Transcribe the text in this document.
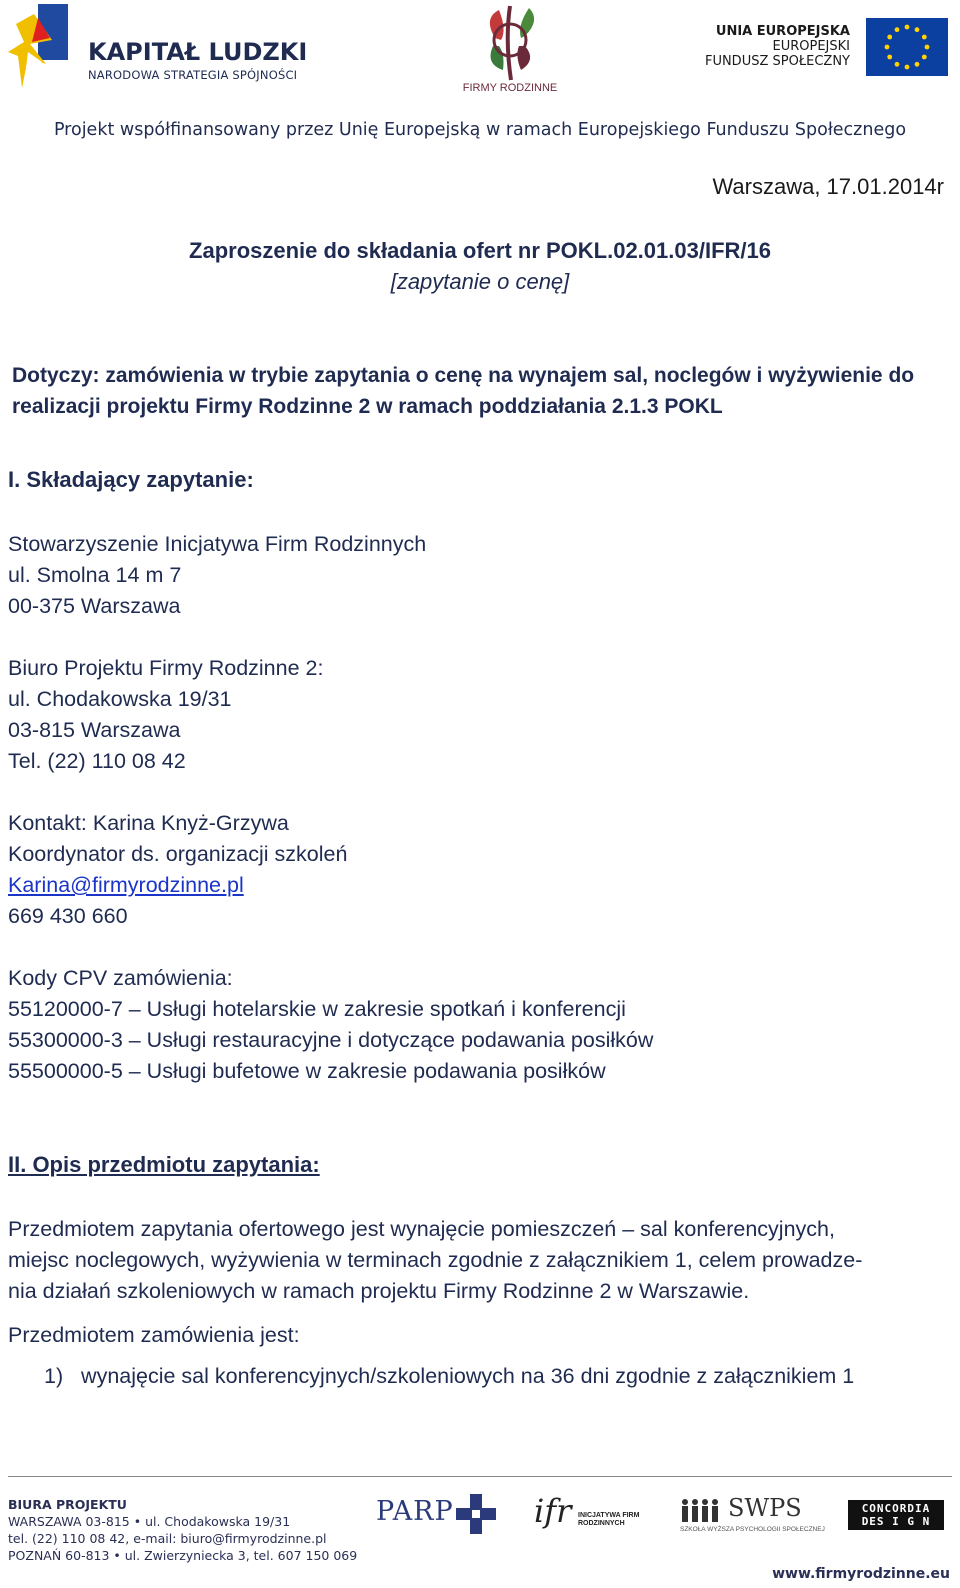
KAPITAŁ LUDZKI
NARODOWA STRATEGIA SPÓJNOŚCI
FIRMY RODZINNE
UNIA EUROPEJSKA
EUROPEJSKI
FUNDUSZ SPOŁECZNY
Projekt współfinansowany przez Unię Europejską w ramach Europejskiego Funduszu Społecznego
Warszawa, 17.01.2014r
Zaproszenie do składania ofert nr POKL.02.01.03/IFR/16
[zapytanie o cenę]
Dotyczy: zamówienia w trybie zapytania o cenę na wynajem sal, noclegów i wyżywienie do realizacji projektu Firmy Rodzinne 2 w ramach poddziałania 2.1.3 POKL
I. Składający zapytanie:
Stowarzyszenie Inicjatywa Firm Rodzinnych
ul. Smolna 14 m 7
00-375 Warszawa
Biuro Projektu Firmy Rodzinne 2:
ul. Chodakowska 19/31
03-815 Warszawa
Tel. (22) 110 08 42
Kontakt: Karina Knyż-Grzywa
Koordynator ds. organizacji szkoleń
Karina@firmyrodzinne.pl
669 430 660
Kody CPV zamówienia:
55120000-7 – Usługi hotelarskie w zakresie spotkań i konferencji
55300000-3 – Usługi restauracyjne i dotyczące podawania posiłków
55500000-5 – Usługi bufetowe w zakresie podawania posiłków
II. Opis przedmiotu zapytania:
Przedmiotem zapytania ofertowego jest wynajęcie pomieszczeń – sal konferencyjnych,
miejsc noclegowych, wyżywienia w terminach zgodnie z załącznikiem 1, celem prowadze-
nia działań szkoleniowych w ramach projektu Firmy Rodzinne 2 w Warszawie.
Przedmiotem zamówienia jest:
1)   wynajęcie sal konferencyjnych/szkoleniowych na 36 dni zgodnie z załącznikiem 1
BIURA PROJEKTU
WARSZAWA 03-815 • ul. Chodakowska 19/31
tel. (22) 110 08 42, e-mail: biuro@firmyrodzinne.pl
POZNAŃ 60-813 • ul. Zwierzyniecka 3, tel. 607 150 069
PARP	ifr INICJATYWA FIRM RODZINNYCH
SWPS
SZKOŁA WYŻSZA PSYCHOLOGII SPOŁECZNEJ
CONCORDIA DES I G N
www.firmyrodzinne.eu
